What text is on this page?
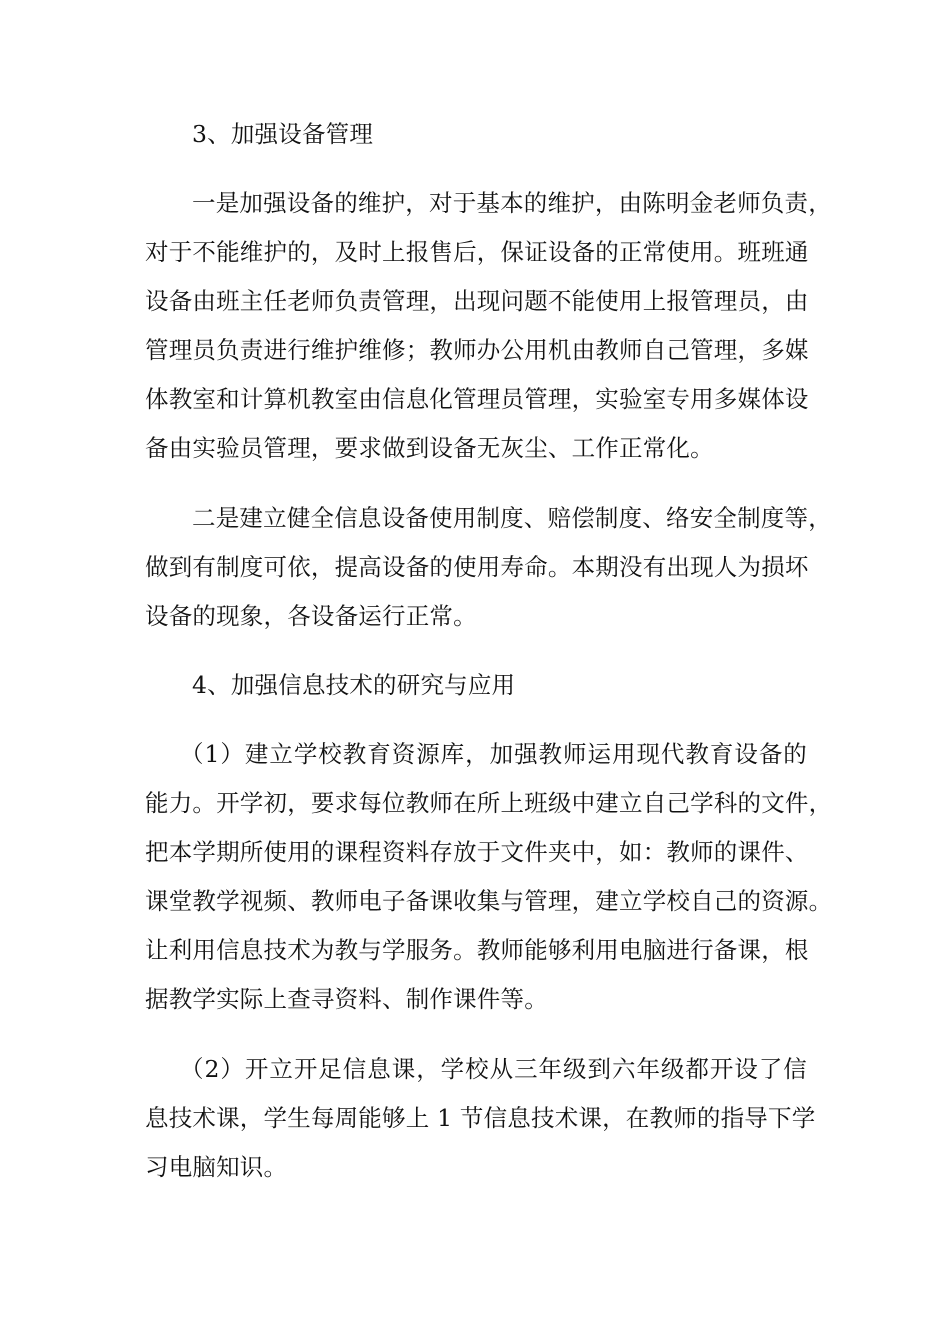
3、加强设备管理
一是加强设备的维护，对于基本的维护，由陈明金老师负责，
对于不能维护的，及时上报售后，保证设备的正常使用。班班通
设备由班主任老师负责管理，出现问题不能使用上报管理员，由
管理员负责进行维护维修；教师办公用机由教师自己管理，多媒
体教室和计算机教室由信息化管理员管理，实验室专用多媒体设
备由实验员管理，要求做到设备无灰尘、工作正常化。
二是建立健全信息设备使用制度、赔偿制度、络安全制度等，
做到有制度可依，提高设备的使用寿命。本期没有出现人为损坏
设备的现象，各设备运行正常。
4、加强信息技术的研究与应用
（1）建立学校教育资源库，加强教师运用现代教育设备的
能力。开学初，要求每位教师在所上班级中建立自己学科的文件，
把本学期所使用的课程资料存放于文件夹中，如：教师的课件、
课堂教学视频、教师电子备课收集与管理，建立学校自己的资源。
让利用信息技术为教与学服务。教师能够利用电脑进行备课，根
据教学实际上查寻资料、制作课件等。
（2）开立开足信息课，学校从三年级到六年级都开设了信
息技术课，学生每周能够上 1 节信息技术课，在教师的指导下学
习电脑知识。
